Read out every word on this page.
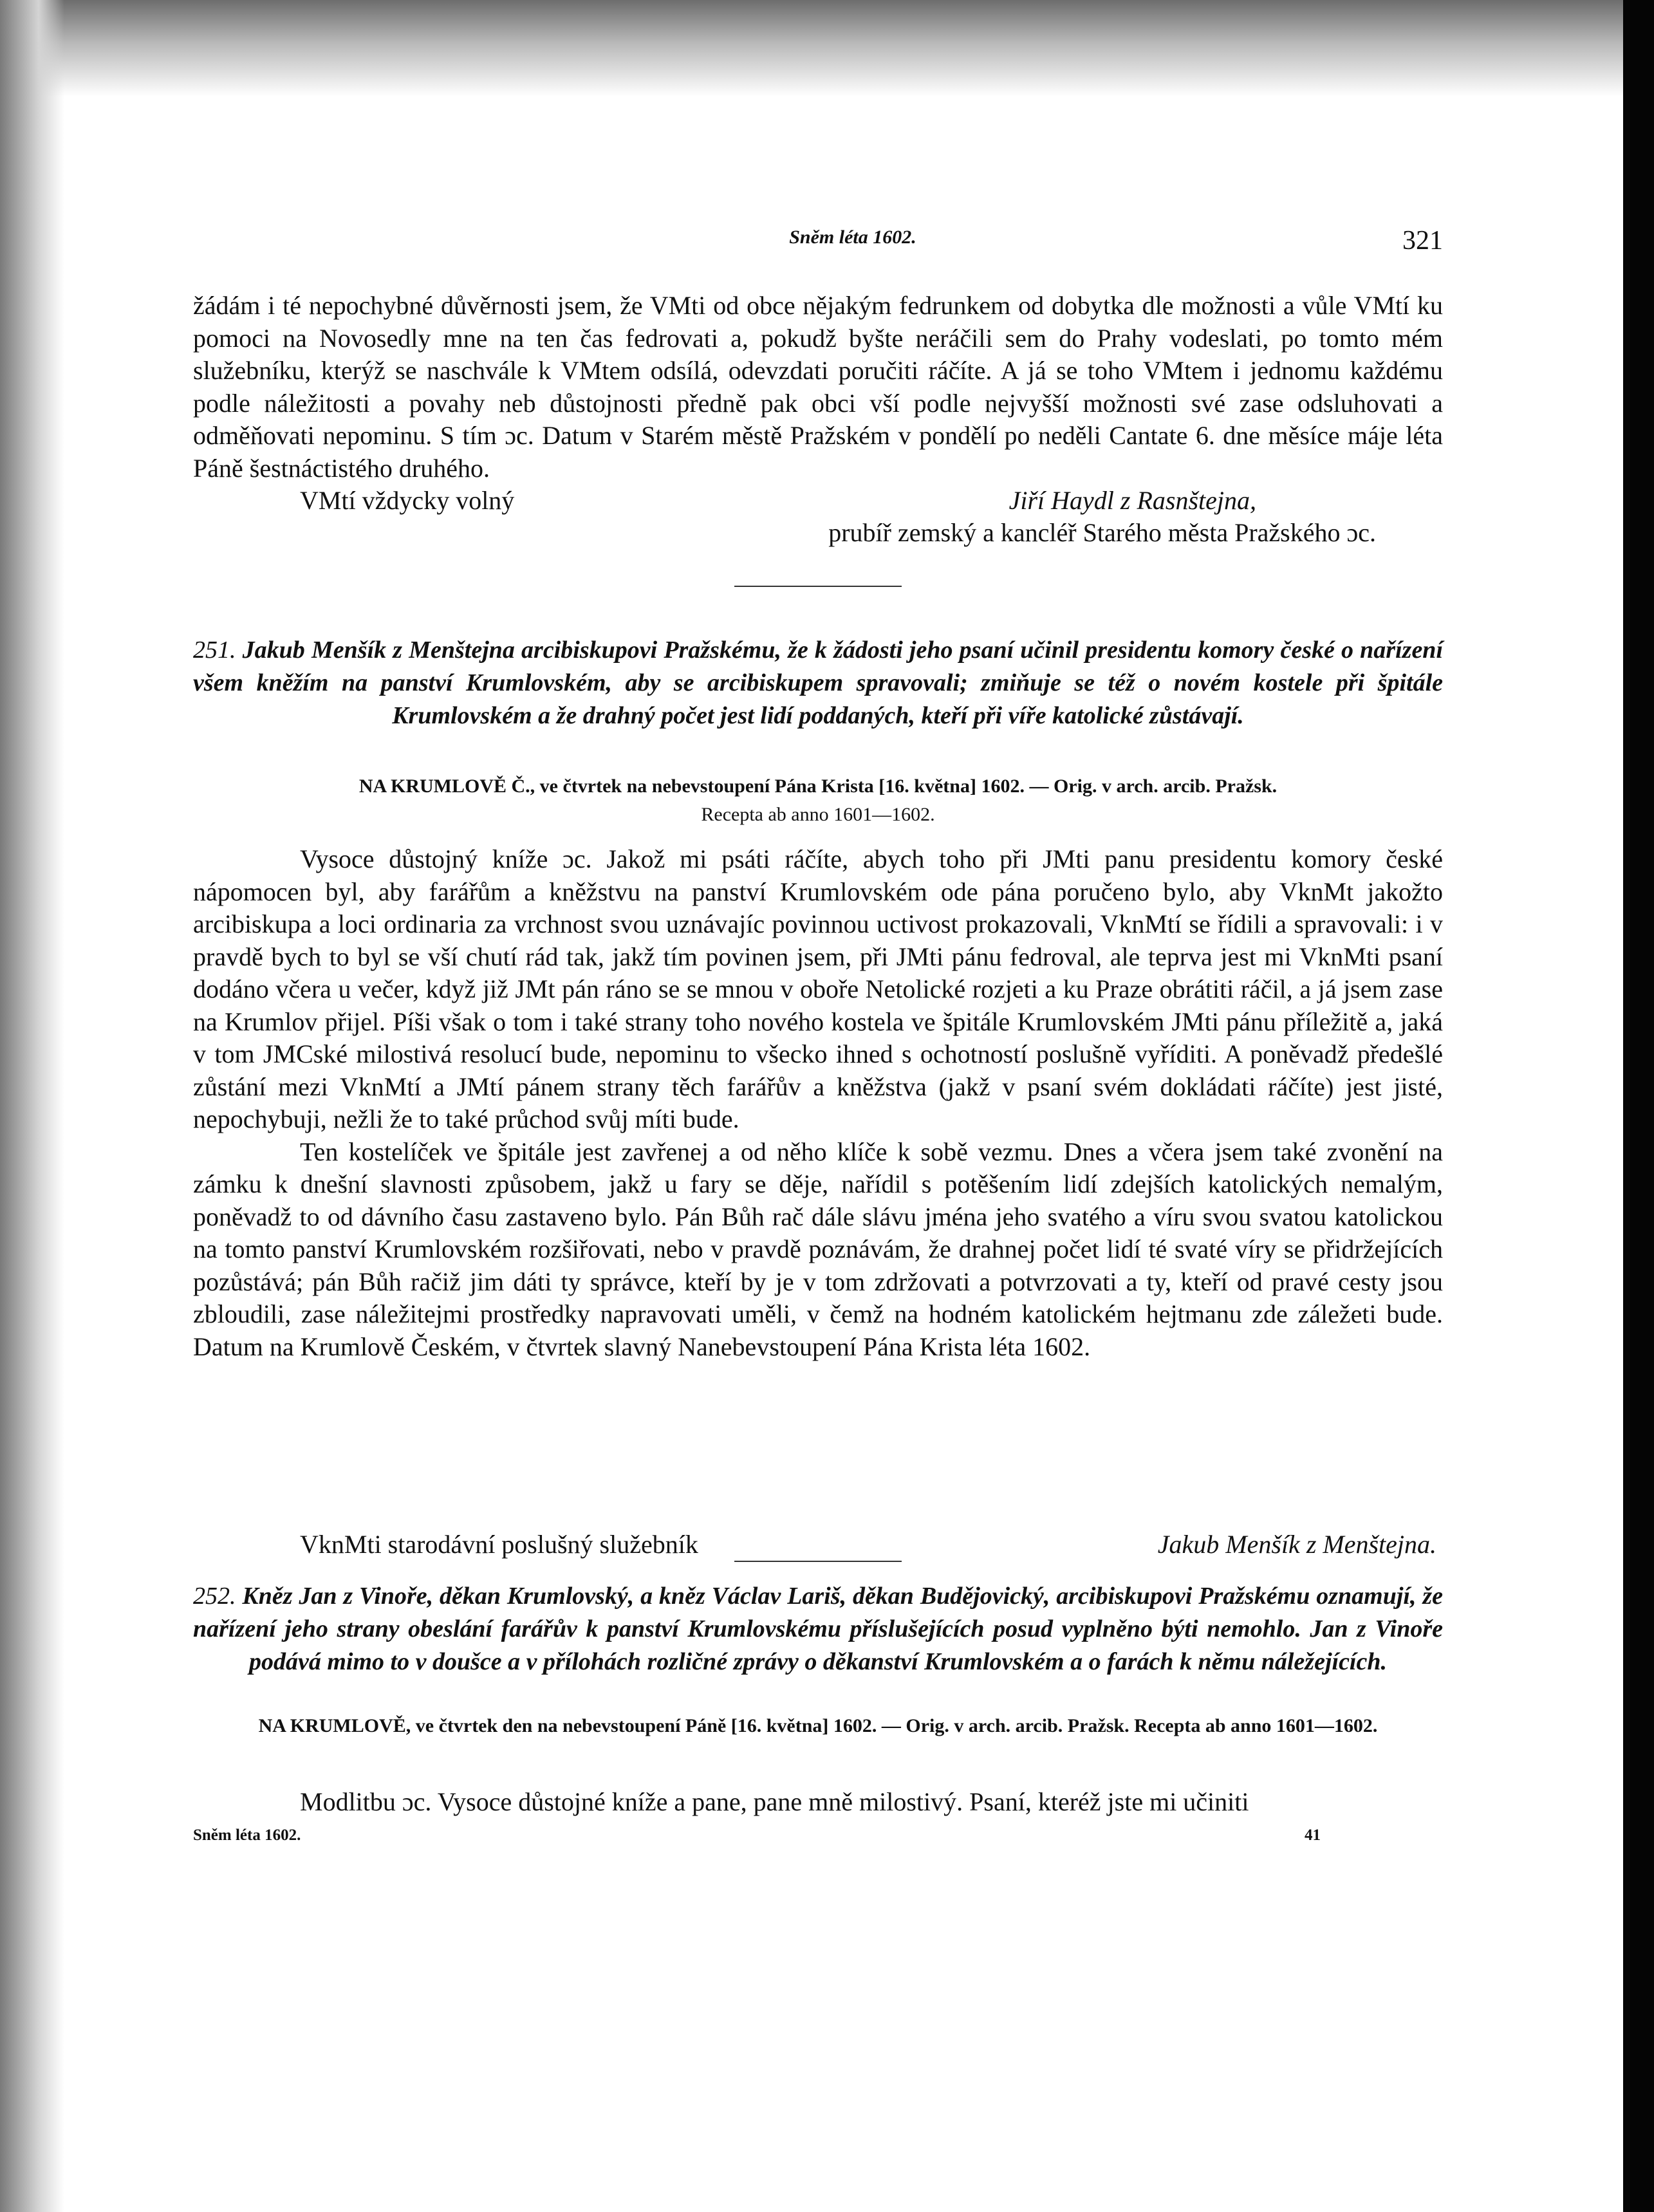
Sněm léta 1602.	321

žádám i té nepochybné důvěrnosti jsem, že VMti od obce nějakým fedrunkem od dobytka dle možnosti a vůle VMtí ku pomoci na Novosedly mne na ten čas fedrovati a, pokudž byšte neráčili sem do Prahy vodeslati, po tomto mém služebníku, kterýž se naschvále k VMtem odsílá, odevzdati poručiti ráčíte. A já se toho VMtem i jednomu každému podle náležitosti a povahy neb důstojnosti předně pak obci vší podle nejvyšší možnosti své zase odsluhovati a odměňovati nepominu. S tím ɔc. Datum v Starém městě Pražském v pondělí po neděli Cantate 6. dne měsíce máje léta Páně šestnáctistého druhého.

VMtí vždycky volný	Jiří Haydl z Rasnštejna,
prubíř zemský a kancléř Starého města Pražského ɔc.

251. Jakub Menšík z Menštejna arcibiskupovi Pražskému, že k žádosti jeho psaní učinil presidentu komory české o nařízení všem kněžím na panství Krumlovském, aby se arcibiskupem spravovali; zmiňuje se též o novém kostele při špitále Krumlovském a že drahný počet jest lidí poddaných, kteří při víře katolické zůstávají.

NA KRUMLOVĚ Č., ve čtvrtek na nebevstoupení Pána Krista [16. května] 1602. — Orig. v arch. arcib. Pražsk.

Recepta ab anno 1601—1602.

Vysoce důstojný kníže ɔc. Jakož mi psáti ráčíte, abych toho při JMti panu presidentu komory české nápomocen byl, aby farářům a kněžstvu na panství Krumlovském ode pána poručeno bylo, aby VknMt jakožto arcibiskupa a loci ordinaria za vrchnost svou uznávajíc povinnou uctivost prokazovali, VknMtí se řídili a spravovali: i v pravdě bych to byl se vší chutí rád tak, jakž tím povinen jsem, při JMti pánu fedroval, ale teprva jest mi VknMti psaní dodáno včera u večer, když již JMt pán ráno se se mnou v oboře Netolické rozjeti a ku Praze obrátiti ráčil, a já jsem zase na Krumlov přijel. Píši však o tom i také strany toho nového kostela ve špitále Krumlovském JMti pánu příležitě a, jaká v tom JMCské milostivá resolucí bude, nepominu to všecko ihned s ochotností poslušně vyříditi. A poněvadž předešlé zůstání mezi VknMtí a JMtí pánem strany těch farářův a kněžstva (jakž v psaní svém dokládati ráčíte) jest jisté, nepochybuji, nežli že to také průchod svůj míti bude.

Ten kostelíček ve špitále jest zavřenej a od něho klíče k sobě vezmu. Dnes a včera jsem také zvonění na zámku k dnešní slavnosti způsobem, jakž u fary se děje, nařídil s potěšením lidí zdejších katolických nemalým, poněvadž to od dávního času zastaveno bylo. Pán Bůh rač dále slávu jména jeho svatého a víru svou svatou katolickou na tomto panství Krumlovském rozšiřovati, nebo v pravdě poznávám, že drahnej počet lidí té svaté víry se přidržejících pozůstává; pán Bůh račiž jim dáti ty správce, kteří by je v tom zdržovati a potvrzovati a ty, kteří od pravé cesty jsou zbloudili, zase náležitejmi prostředky napravovati uměli, v čemž na hodném katolickém hejtmanu zde záležeti bude. Datum na Krumlově Českém, v čtvrtek slavný Nanebevstoupení Pána Krista léta 1602.

VknMti starodávní poslušný služebník	Jakub Menšík z Menštejna.

252. Kněz Jan z Vinoře, děkan Krumlovský, a kněz Václav Lariš, děkan Budějovický, arcibiskupovi Pražskému oznamují, že nařízení jeho strany obeslání farářův k panství Krumlovskému příslušejících posud vyplněno býti nemohlo. Jan z Vinoře podává mimo to v doušce a v přílohách rozličné zprávy o děkanství Krumlovském a o farách k němu náležejících.

NA KRUMLOVĚ, ve čtvrtek den na nebevstoupení Páně [16. května] 1602. — Orig. v arch. arcib. Pražsk. Recepta ab anno 1601—1602.

Modlitbu ɔc. Vysoce důstojné kníže a pane, pane mně milostivý. Psaní, kteréž jste mi učiniti

Sněm léta 1602.	41
